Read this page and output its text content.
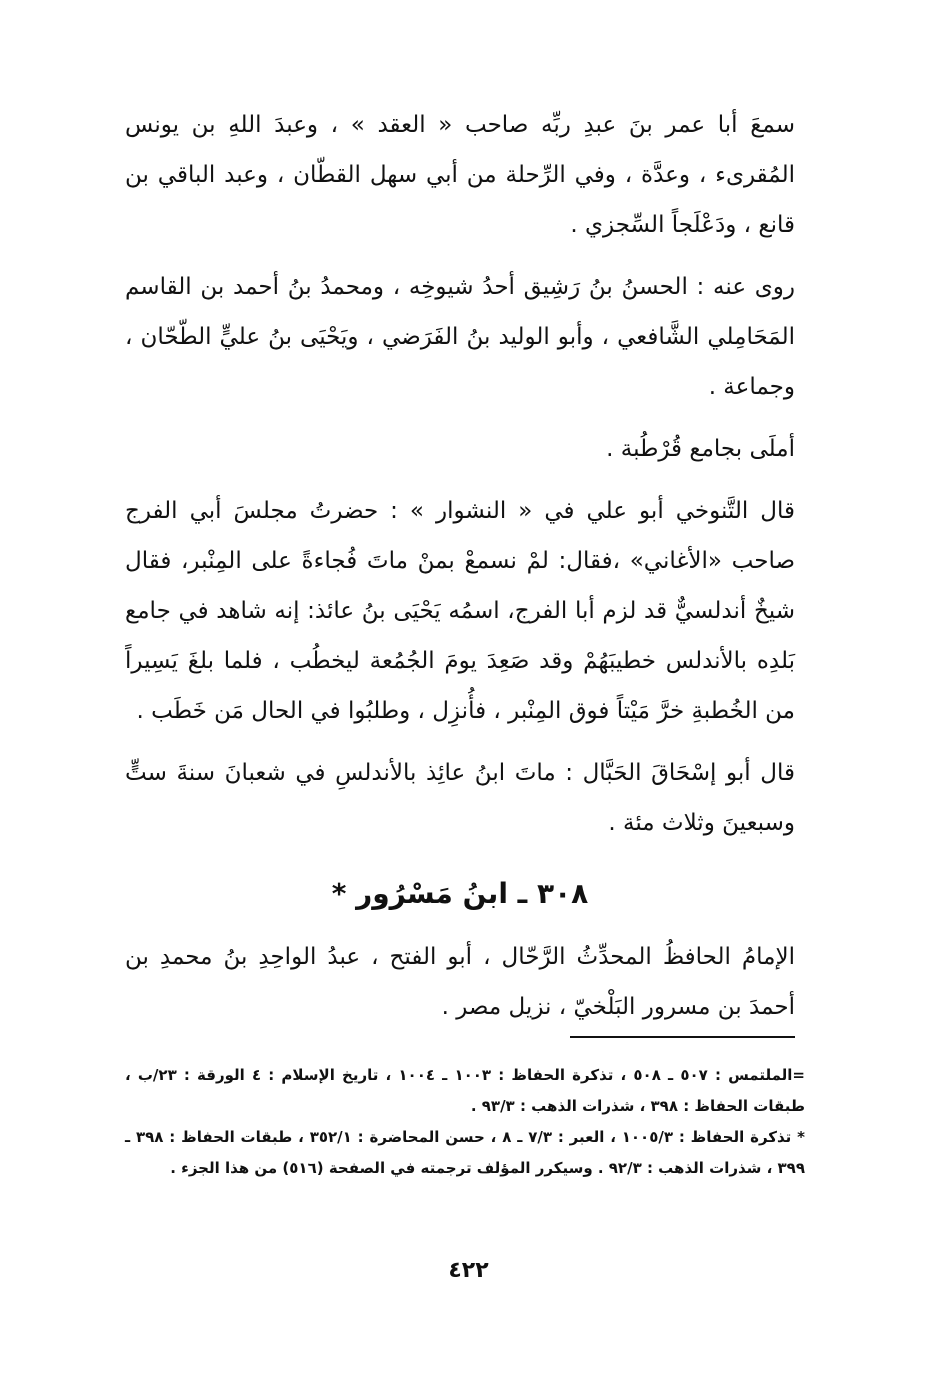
سمعَ أبا عمر بنَ عبدِ ربِّه صاحب « العقد » ، وعبدَ اللهِ بن يونس المُقرىء ، وعدَّة ، وفي الرِّحلة من أبي سهل القطّان ، وعبد الباقي بن قانع ، ودَعْلَجاً السِّجزي .

روى عنه : الحسنُ بنُ رَشِيق أحدُ شيوخِه ، ومحمدُ بنُ أحمد بن القاسم المَحَامِلي الشَّافعي ، وأبو الوليد بنُ الفَرَضي ، ويَحْيَى بنُ عليٍّ الطّحّان ، وجماعة .

أملَى بجامع قُرْطُبة .

قال التَّنوخي أبو علي في « النشوار » : حضرتُ مجلسَ أبي الفرج صاحب «الأغاني» ،فقال: لمْ نسمعْ بمنْ ماتَ فُجاءةً على المِنْبر، فقال شيخٌ أندلسيٌّ قد لزم أبا الفرج، اسمُه يَحْيَى بنُ عائذ: إنه شاهد في جامع بَلدِه بالأندلس خطيبَهُمْ وقد صَعِدَ يومَ الجُمُعة ليخطُب ، فلما بلغَ يَسِيراً من الخُطبةِ خرَّ مَيْتاً فوق المِنْبر ، فأُنزِل ، وطلبُوا في الحال مَن خَطَب .

قال أبو إسْحَاقَ الحَبَّال : ماتَ ابنُ عائِذ بالأندلسِ في شعبانَ سنةَ ستٍّ وسبعينَ وثلاث مئة .

٣٠٨ ـ ابنُ مَسْرُور *

الإمامُ الحافظُ المحدِّثُ الرَّحّال ، أبو الفتح ، عبدُ الواحِدِ بنُ محمدِ بن أحمدَ بن مسرور البَلْخيّ ، نزيل مصر .

=الملتمس : ٥٠٧ ـ ٥٠٨ ، تذكرة الحفاظ : ١٠٠٣ ـ ١٠٠٤ ، تاريخ الإسلام : ٤ الورقة : ٢٣/ب ، طبقات الحفاظ : ٣٩٨ ، شذرات الذهب : ٩٣/٣ .

* تذكرة الحفاظ : ١٠٠٥/٣ ، العبر : ٧/٣ ـ ٨ ، حسن المحاضرة : ٣٥٢/١ ، طبقات الحفاظ : ٣٩٨ ـ ٣٩٩ ، شذرات الذهب : ٩٢/٣ . وسيكرر المؤلف ترجمته في الصفحة (٥١٦) من هذا الجزء .

٤٢٢
